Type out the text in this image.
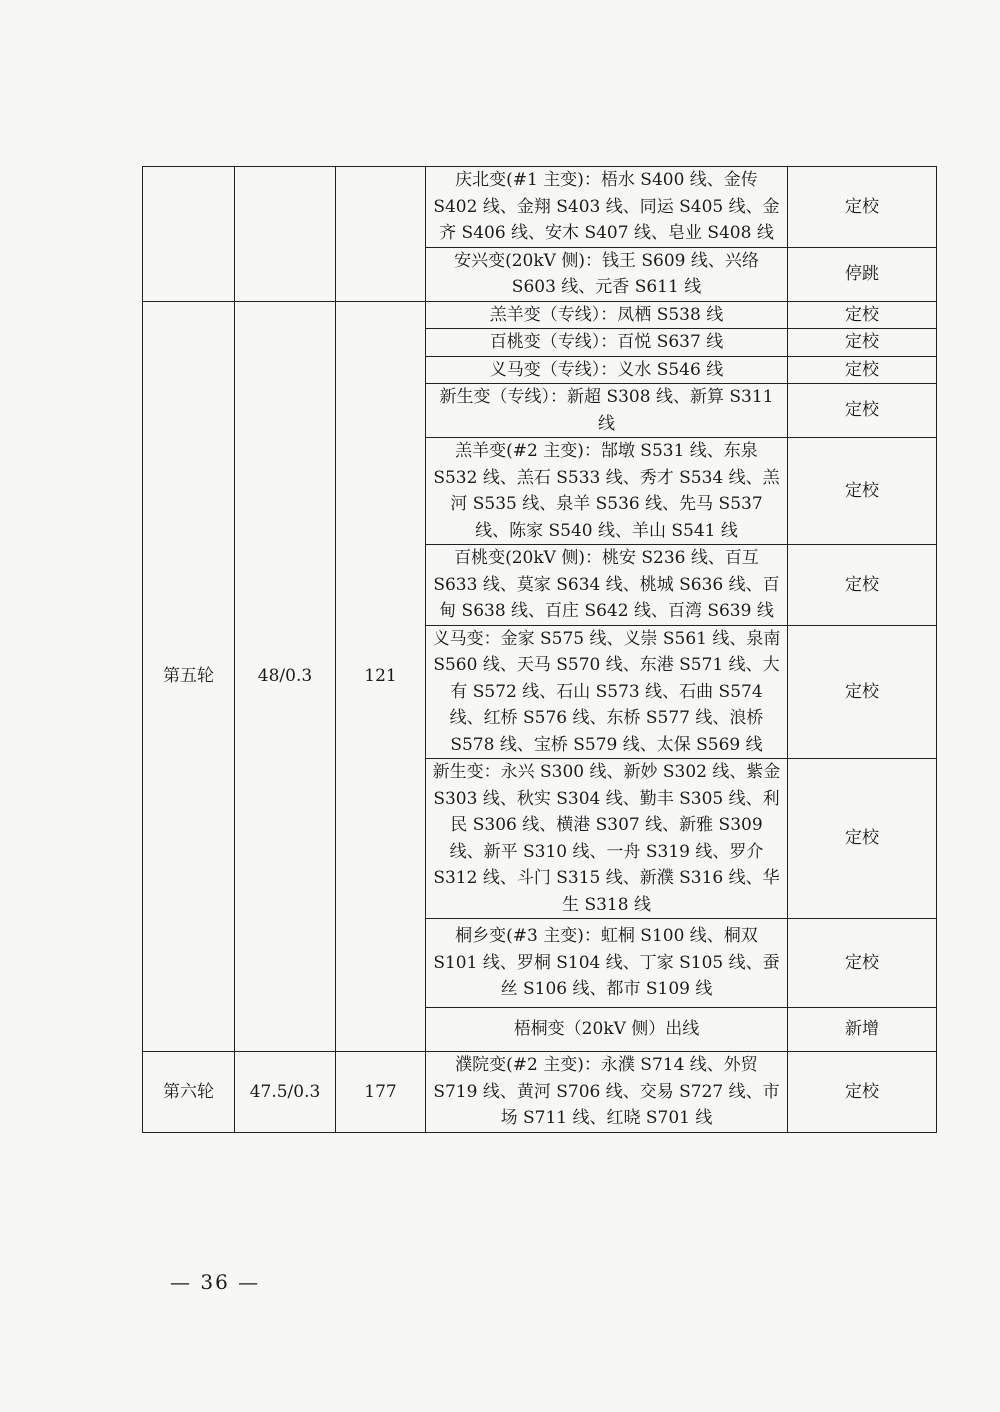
			庆北变(#1 主变)：梧水 S400 线、金传 S402 线、金翔 S403 线、同运 S405 线、金齐 S406 线、安木 S407 线、皂业 S408 线	定校
			安兴变(20kV 侧)：钱王 S609 线、兴络 S603 线、元香 S611 线	停跳
第五轮	48/0.3	121	羔羊变（专线）：凤栖 S538 线	定校
			百桃变（专线）：百悦 S637 线	定校
			义马变（专线）：义水 S546 线	定校
			新生变（专线）：新超 S308 线、新算 S311 线	定校
			羔羊变(#2 主变)：郜墩 S531 线、东泉 S532 线、羔石 S533 线、秀才 S534 线、羔河 S535 线、泉羊 S536 线、先马 S537 线、陈家 S540 线、羊山 S541 线	定校
			百桃变(20kV 侧)：桃安 S236 线、百互 S633 线、莫家 S634 线、桃城 S636 线、百甸 S638 线、百庄 S642 线、百湾 S639 线	定校
			义马变：金家 S575 线、义崇 S561 线、泉南 S560 线、天马 S570 线、东港 S571 线、大有 S572 线、石山 S573 线、石曲 S574 线、红桥 S576 线、东桥 S577 线、浪桥 S578 线、宝桥 S579 线、太保 S569 线	定校
			新生变：永兴 S300 线、新妙 S302 线、紫金 S303 线、秋实 S304 线、勤丰 S305 线、利民 S306 线、横港 S307 线、新雅 S309 线、新平 S310 线、一舟 S319 线、罗介 S312 线、斗门 S315 线、新濮 S316 线、华生 S318 线	定校
			桐乡变(#3 主变)：虹桐 S100 线、桐双 S101 线、罗桐 S104 线、丁家 S105 线、蚕丝 S106 线、都市 S109 线	定校
			梧桐变（20kV 侧）出线	新增
第六轮	47.5/0.3	177	濮院变(#2 主变)：永濮 S714 线、外贸 S719 线、黄河 S706 线、交易 S727 线、市场 S711 线、红晓 S701 线	定校
— 36 —
